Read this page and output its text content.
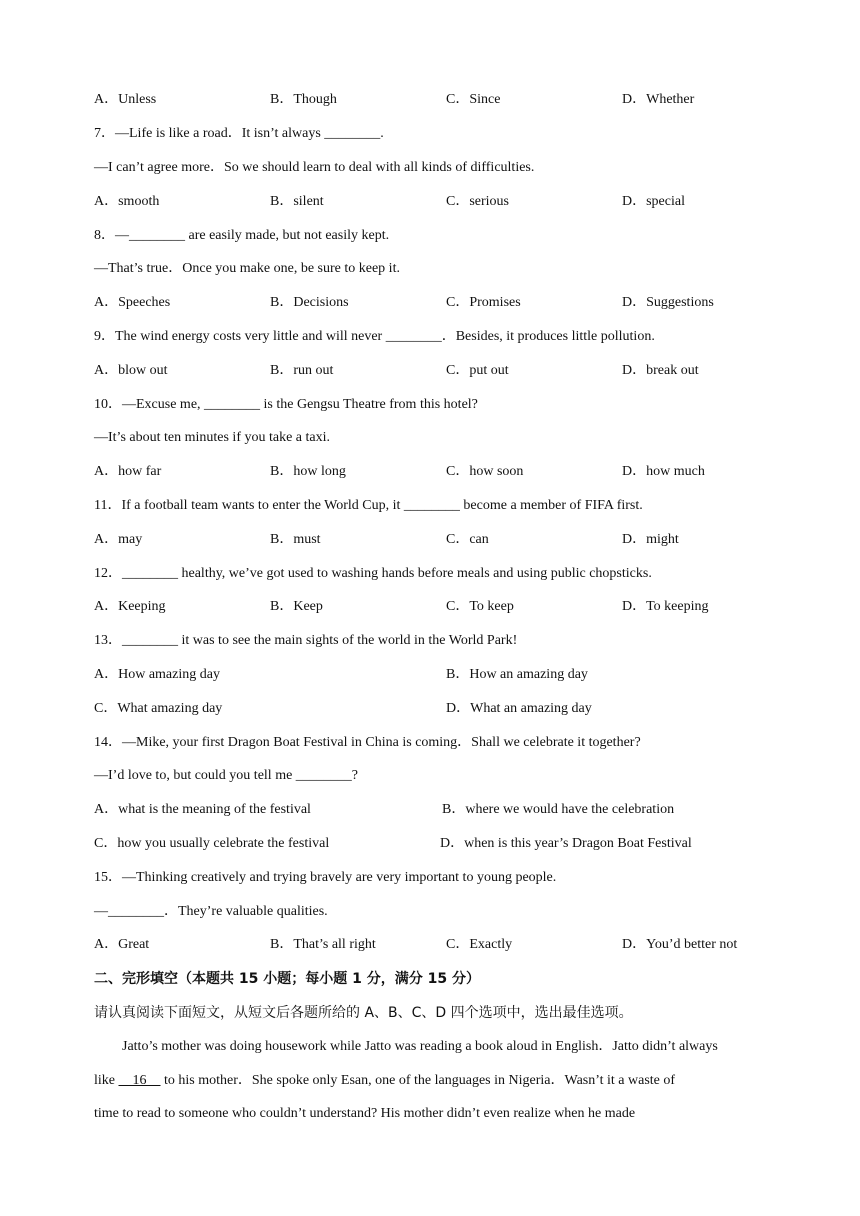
A．Unless	B．Though	C．Since	D．Whether
7．—Life is like a road．It isn’t always ________.
—I can’t agree more．So we should learn to deal with all kinds of difficulties.
A．smooth	B．silent	C．serious	D．special
8．—________ are easily made, but not easily kept.
—That’s true．Once you make one, be sure to keep it.
A．Speeches	B．Decisions	C．Promises	D．Suggestions
9．The wind energy costs very little and will never ________．Besides, it produces little pollution.
A．blow out	B．run out	C．put out	D．break out
10．—Excuse me, ________ is the Gengsu Theatre from this hotel?
—It’s about ten minutes if you take a taxi.
A．how far	B．how long	C．how soon	D．how much
11．If a football team wants to enter the World Cup, it ________ become a member of FIFA first.
A．may	B．must	C．can	D．might
12．________ healthy, we’ve got used to washing hands before meals and using public chopsticks.
A．Keeping	B．Keep	C．To keep	D．To keeping
13．________ it was to see the main sights of the world in the World Park!
A．How amazing day	B．How an amazing day
C．What amazing day	D．What an amazing day
14．—Mike, your first Dragon Boat Festival in China is coming．Shall we celebrate it together?
—I’d love to, but could you tell me ________?
A．what is the meaning of the festival	B．where we would have the celebration
C．how you usually celebrate the festival	D．when is this year’s Dragon Boat Festival
15．—Thinking creatively and trying bravely are very important to young people.
—________．They’re valuable qualities.
A．Great	B．That’s all right	C．Exactly	D．You’d better not
二、完形填空（本题共 15 小题；每小题 1 分，满分 15 分）
请认真阅读下面短文，从短文后各题所给的 A、B、C、D 四个选项中，选出最佳选项。
Jatto’s mother was doing housework while Jatto was reading a book aloud in English．Jatto didn’t always
like     16     to his mother．She spoke only Esan, one of the languages in Nigeria．Wasn’t it a waste of
time to read to someone who couldn’t understand? His mother didn’t even realize when he made
